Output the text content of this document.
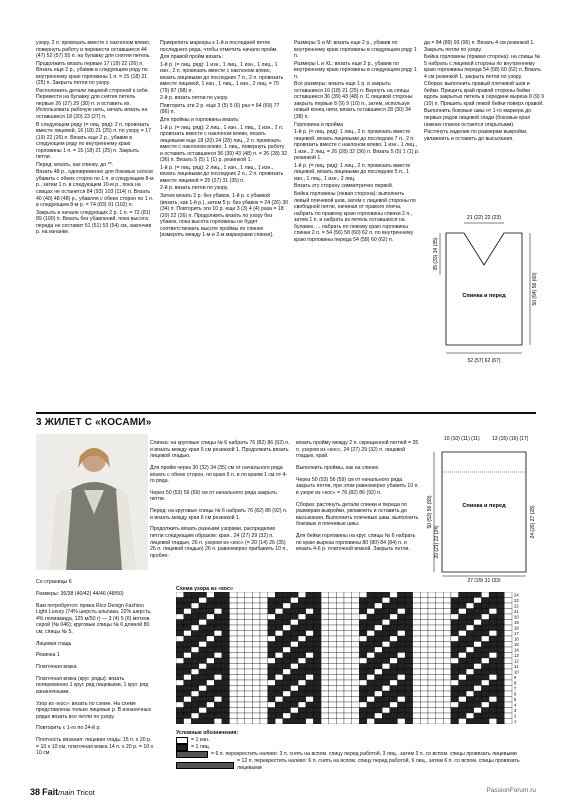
узору, 2 п. провязать вместе с наклоном влево, повернуть работу и перевести оставшиеся 44 (47) 52 (57) 55 п. на булавку для снятия петель.

Продолжить вязать первые 17 (19) 22 (26) п. Вязать еще 2 р., убавив в следующем ряду по внутреннему краю горловины 1 п. = 15 (18) 21 (25) п. Закрыть петли по узору.

Расположить детали лицевой стороной к себе. Перевести на булавку для снятия петель первые 26 (27) 29 (30) п. и оставить их. Использовать рабочую нить, начать вязать на оставшиеся 18 (20) 23 (27) п.

В следующем ряду (= лиц. ряд): 2 п. провязать вместе лицевой, 16 (18) 21 (25) п. по узору = 17 (19) 22 (26) п. Вязать еще 2 р., убавив в следующем ряду по внутреннему краю горловины 1 п. = 15 (18) 21 (25) п. Закрыть петли.

Перед: вязать, как спинку, до **.

Вязать 48 р., одновременно для боковых скосов убавить с обеих сторон по 1 п. в следующем 8-м р., затем 1 п. в следующем 10-м р., пока на спицах не останется 84 (93) 103 (114) п. Вязать 40 (40) 48 (48) р., убавляя с обеих сторон по 1 п. в следующем 8-м р. = 74 (83) 91 (102) п.

Закрыть в начале следующих 2 р. 1 п. = 72 (81) 89 (100) п. Вязать без убавлений, пока высота переда не составит 51 (51) 53 (54) см, закончив р. на изнанке.

Прикрепить маркеры к 1-й и последней петле последнего ряда, чтобы отметить начало пройм.

Для правой пройм вязать:

1-й р. (= лиц. ряд): 1 изн., 1 лиц., 1 изн., 1 лиц., 1 изн., 2 п. провязать вместе с наклоном влево, вязать лицевыми до последних 7 п., 2 п. провязать вместе лицевой, 1 изн., 1 лиц., 1 изн., 2 лиц. = 70 (79) 87 (98) п.

2-й р. вязать петли по узору.

Повторить эти 2 р. еще 3 (5) 5 (6) раз = 64 (69) 77 (86) п.

Для проймы и горловины вязать:

1-й р. (= лиц. ряд): 2 лиц., 1 изн., 1 лиц., 1 изн., 2 п. провязать вместе с наклоном влево, вязать лицевыми еще 18 (20) 24 (28) лиц., 2 п. провязать вместе с наклоном влево, 1 лиц., повернуть работу и оставить оставшиеся 36 (39) 43 (48) п. = 26 (28) 32 (36) п. Вязать 5 (5) 1 (1) р. резинкой 1.

1-й р. (= лиц. ряд): 2 лиц., 1 изн., 1 лиц., 1 изн., вязать лицевыми до последних 2 п., 2 п. провязать вместе лицевой = 25 (27) 31 (35) п.

2-й р. вязать петли по узору.

Затем вязать 2 р. без убавок, 1-й р. с убавкой (вязать, как 1-й р.), затем 5 р. без убавок = 24 (26) 30 (34) п. Повторить эти 10 р. еще 3 (3) 4 (4) раза = 18 (20) 22 (26) п. Продолжить вязать по узору без убавок, пока высота горловины не будет соответствовать высоте проймы по спинке [измерять между 1-м и 2-м маркерами спинки].

Размеры S и M: вязать еще 2 р., убавив по внутреннему краю горловины в следующем ряду 1 п.

Размеры L и XL: вязать еще 2 р., убавив по внутреннему краю горловины в следующем ряду 1 п.

Все размеры: вязать еще 1 р. и закрыть оставшиеся 16 (18) 21 (25) п. Вернуть на спицы оставшиеся 36 (39) 43 (48) п. С лицевой стороны закрыть первые 8 (9) 9 (10) п., затем, используя новый конец нити, вязать оставшиеся 28 (30) 34 (38) п.

Горловина и пройма

1-й р. (= лиц. ряд): 1 лиц., 2 п. провязать вместе лицевой, вязать лицевыми до последних 7 п., 2 п. провязать вместе с наклоном влево, 1 изн., 1 лиц., 1 изн., 2 лиц. = 26 (28) 32 (36) п. Вязать 5 (5) 1 (1) р. резинкой 1.

1-й р. (= лиц. ряд): 1 лиц., 2 п. провязать вместе лицевой, вязать лицевыми до последних 5 п., 1 изн., 1 лиц., 1 изн., 2 лиц.

Вязать эту сторону симметрично первой.

Бейка горловины (левая сторона): выполнить левый плечевой шов, затем с лицевой стороны по свободной петле, начиная от правого плеча, набрать по правому краю горловины спинки 2 п., затем 1 п. и набрать из петель оставшихся на булавке, ... набрать по левому краю горловины спинки 2 п. = 54 (56) 58 (60) 62 п. по внутреннему краю горловины переда 54 (58) 60 (62) п.

да = 84 (89) 93 (96) п. Вязать 4 см резинкой 1. Закрыть петли по узору.

Бейка горловины (правая сторона): на спицы № 5 набрать с лицевой стороны по внутреннему краю горловины переда 54 (58) 60 (62) п. Вязать 4 см резинкой 1, закрыть петли по узору.

Сборка: выполнить правый плечевой шов и бейки. Пришить край правой стороны бейки вдоль закрытых петель в середине выреза 8 (9) 9 (10) п. Пришить край левой бейки поверх правой.

Выполнить боковые швы от 1-го маркера до первых рядов лицевой глади (боковые края нижних планок остаются открытыми).

Растянуть изделие по размерам выкройки, увлажнить и оставить до высыхания.

21 (22) 22 (23)
35 (33) 34 (35)
50 (54) 56 (60)
Спинка и перед
52 (57) 62 (67)
3 ЖИЛЕТ С «КОСАМИ»

Спинка: на круговые спицы № 6 набрать 76 (82) 86 (92) п. и вязать между края 6 см резинкой 1. Продолжить вязать лицевой гладью.

Для пройм через 30 (32) 34 (35) см от начального ряда вязать с обеих сторон, по краю 6 п. и по краям 1 см от 4-го ряда.

Через 50 (53) 56 (59) см от начального ряда закрыть петли.

Перед: на круговые спицы № 6 набрать 76 (82) 86 (92) п. и вязать между края 6 см резинкой 1.

Продолжить вязать разными узорами, распределив петли следующим образом: края.. 24 (27) 29 (32) п. лицевой гладью, 26 п. узором из «кос» (= 20 (14) 26 (35) 26 п. лицевой гладью) 26 п. равномерно прибавить 10 п., пробле-

вязать пройму между 2 п. скрещенной петлей = 35 п. узором из «кос», 24 (27) 29 (32) п. лицевой гладью, край.

Выполнить проймы, как на спинке.

Через 50 (53) 56 (59) см от начального ряда закрыть петли, при этом равномерно убавить 10 п. в узоре из «кос» = 76 (82) 86 (92) п.

Сборка: растянуть детали спинки и переда по размерам выкройки, увлажнить и оставить до высыхания. Выполнить плечевые швы, выполнить боковые и плечевые швы.

Для бейки горловины на круг. спицы № 6 набрать по краю выреза горловины 80 (80) 84 (84) п. и вязать 4-6 р. платочной вязкой. Закрыть петли.

Со страницы 6

Размеры: 36/38 (40/42) 44/46 (48/50)

Вам потребуется: пряжа Rico Design Fashion Light Luxury (74% шерсть альпака, 22% шерсть, 4% полиамида, 125 м/50 г) — 3 (4) 5 (6) мотков серой (№ 046); круговые спицы № 6 длиной 80 см, спицы № 5.

Лицевая гладь

Резинка 1

Платочная вязка

Платочная вязка (круг. ряды): вязать попеременно 1 круг. ряд лицевыми, 1 круг. ряд изнаночными.

Узор из «кос»: вязать по схеме. На схеме представлены только лицевые р. В изнаночных рядах вязать все петли по узору.

Повторить с 1-го по 24-й р.

Плотность вязания: лицевая гладь: 15 п. х 20 р. = 10 х 10 см, платочная вязка 14 п. х 20 р. = 10 х 10 см.

10 (10) (11) (11) 13 (15) (16) (17)
50 (53) 56 (59)
20 (21) 22 (24)
Спинка и перед	24 (26) 27 (28)
27 (29) 31 (33)
Схема узора из «кос»
24
23
22
21
20
19
18
17
16
15
14
13
12
11
10
9
8
7
6
5
4
3
2
1
Условные обозначения:
= 1 изн.
= 1 лиц.
= 6 п. перекрестить налево: 3 п. снять на вспом. спицу перед работой, 3 лиц., затем 3 п. со вспом. спицы провязать лицевыми
= 12 п. перекрестить налево: 6 п. снять на вспом. спицу перед работой, 6 лиц., затем 6 п. со вспом. спицы провязать лицевыми
38 Faitmain Tricot	PassionForum.ru
